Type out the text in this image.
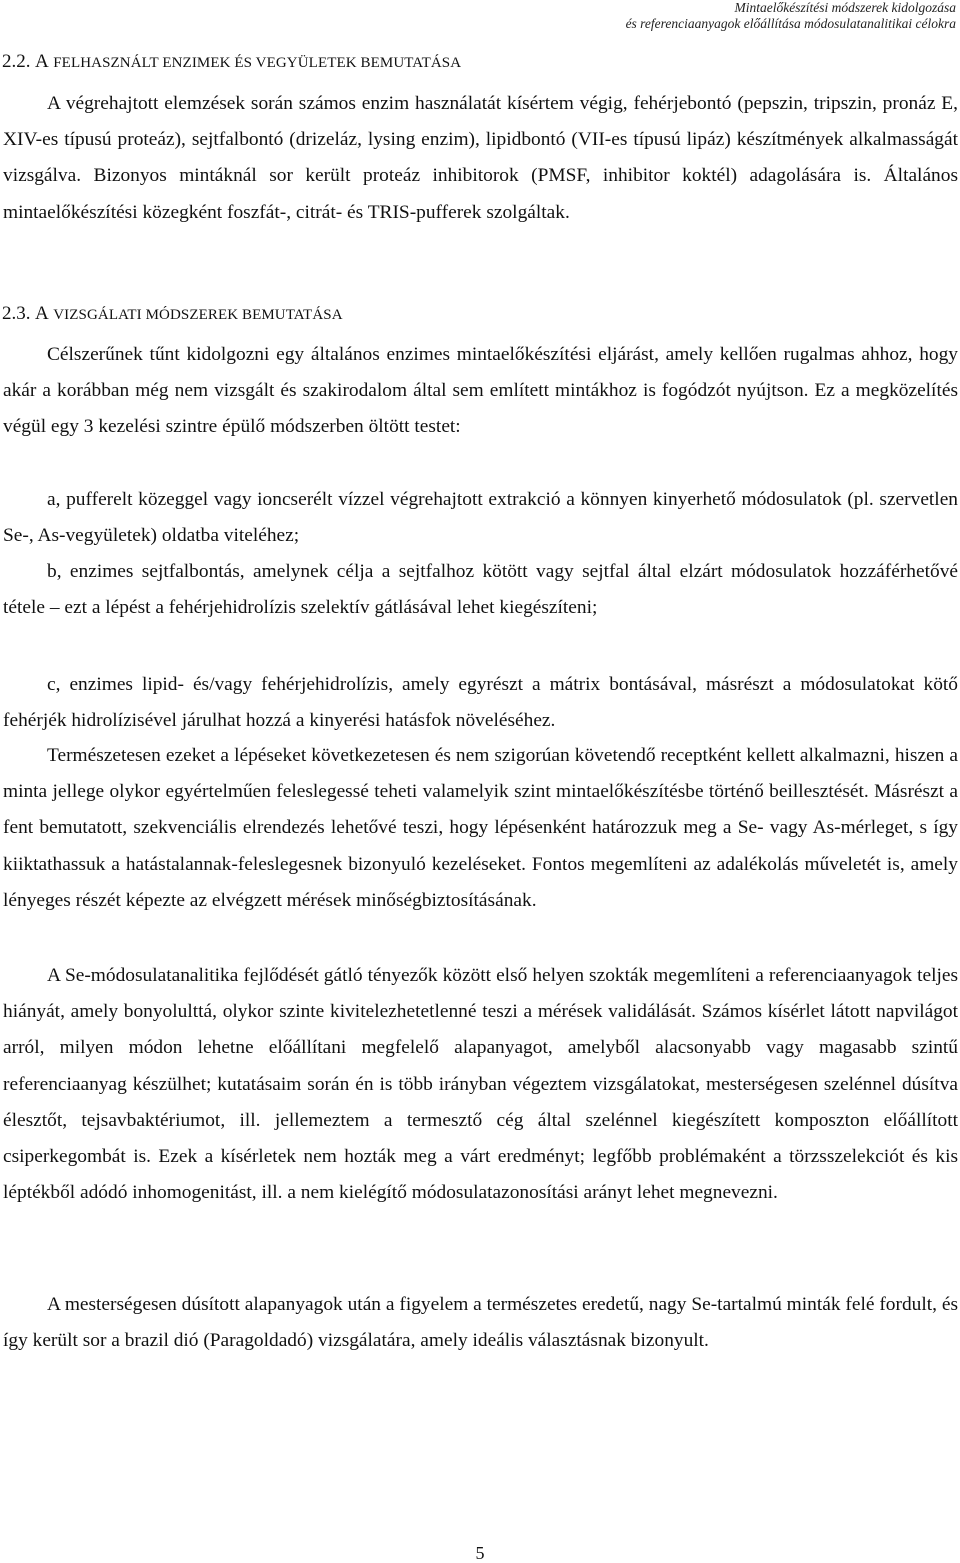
Mintaelőkészítési módszerek kidolgozása
és referenciaanyagok előállítása módosulatanalitikai célokra
2.2. A FELHASZNÁLT ENZIMEK ÉS VEGYÜLETEK BEMUTATÁSA

A végrehajtott elemzések során számos enzim használatát kísértem végig, fehérjebontó (pepszin, tripszin, pronáz E, XIV-es típusú proteáz), sejtfalbontó (drizeláz, lysing enzim), lipidbontó (VII-es típusú lipáz) készítmények alkalmasságát vizsgálva. Bizonyos mintáknál sor került proteáz inhibitorok (PMSF, inhibitor koktél) adagolására is. Általános mintaelőkészítési közegként foszfát-, citrát- és TRIS-pufferek szolgáltak.

2.3. A VIZSGÁLATI MÓDSZEREK BEMUTATÁSA

Célszerűnek tűnt kidolgozni egy általános enzimes mintaelőkészítési eljárást, amely kellően rugalmas ahhoz, hogy akár a korábban még nem vizsgált és szakirodalom által sem említett mintákhoz is fogódzót nyújtson. Ez a megközelítés végül egy 3 kezelési szintre épülő módszerben öltött testet:

a, pufferelt közeggel vagy ioncserélt vízzel végrehajtott extrakció a könnyen kinyerhető módosulatok (pl. szervetlen Se-, As-vegyületek) oldatba viteléhez;

b, enzimes sejtfalbontás, amelynek célja a sejtfalhoz kötött vagy sejtfal által elzárt módosulatok hozzáférhetővé tétele – ezt a lépést a fehérjehidrolízis szelektív gátlásával lehet kiegészíteni;

c, enzimes lipid- és/vagy fehérjehidrolízis, amely egyrészt a mátrix bontásával, másrészt a módosulatokat kötő fehérjék hidrolízisével járulhat hozzá a kinyerési hatásfok növeléséhez.

Természetesen ezeket a lépéseket következetesen és nem szigorúan követendő receptként kellett alkalmazni, hiszen a minta jellege olykor egyértelműen feleslegessé teheti valamelyik szint mintaelőkészítésbe történő beillesztését. Másrészt a fent bemutatott, szekvenciális elrendezés lehetővé teszi, hogy lépésenként határozzuk meg a Se- vagy As-mérleget, s így kiiktathassuk a hatástalannak-feleslegesnek bizonyuló kezeléseket. Fontos megemlíteni az adalékolás műveletét is, amely lényeges részét képezte az elvégzett mérések minőségbiztosításának.

A Se-módosulatanalitika fejlődését gátló tényezők között első helyen szokták megemlíteni a referenciaanyagok teljes hiányát, amely bonyolulttá, olykor szinte kivitelezhetetlenné teszi a mérések validálását. Számos kísérlet látott napvilágot arról, milyen módon lehetne előállítani megfelelő alapanyagot, amelyből alacsonyabb vagy magasabb szintű referenciaanyag készülhet; kutatásaim során én is több irányban végeztem vizsgálatokat, mesterségesen szelénnel dúsítva élesztőt, tejsavbaktériumot, ill. jellemeztem a termesztő cég által szelénnel kiegészített komposzton előállított csiperkegombát is. Ezek a kísérletek nem hozták meg a várt eredményt; legfőbb problémaként a törzsszelekciót és kis léptékből adódó inhomogenitást, ill. a nem kielégítő módosulatazonosítási arányt lehet megnevezni.

A mesterségesen dúsított alapanyagok után a figyelem a természetes eredetű, nagy Se-tartalmú minták felé fordult, és így került sor a brazil dió (Paragoldadó) vizsgálatára, amely ideális választásnak bizonyult.

5
